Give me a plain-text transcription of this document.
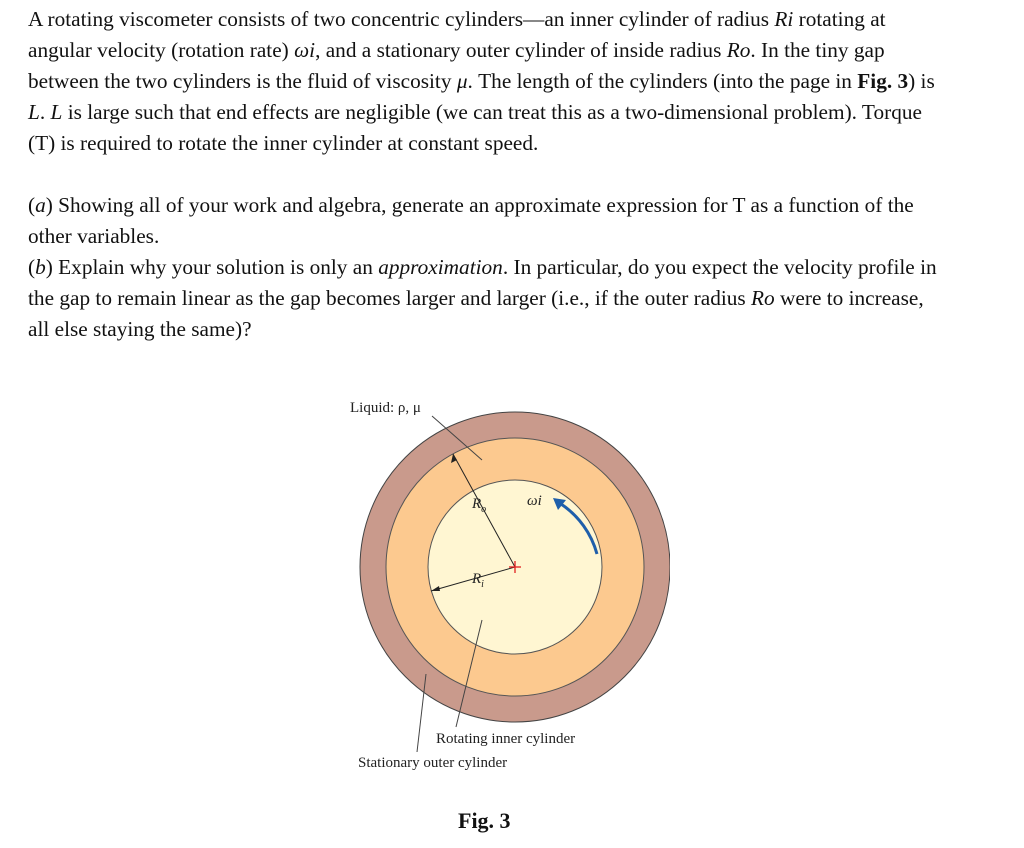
A rotating viscometer consists of two concentric cylinders—an inner cylinder of radius Ri rotating at angular velocity (rotation rate) ωi, and a stationary outer cylinder of inside radius Ro. In the tiny gap between the two cylinders is the fluid of viscosity μ. The length of the cylinders (into the page in Fig. 3) is L. L is large such that end effects are negligible (we can treat this as a two-dimensional problem). Torque (T) is required to rotate the inner cylinder at constant speed.

(a) Showing all of your work and algebra, generate an approximate expression for T as a function of the other variables.

(b) Explain why your solution is only an approximation. In particular, do you expect the velocity profile in the gap to remain linear as the gap becomes larger and larger (i.e., if the outer radius Ro were to increase, all else staying the same)?

Liquid: ρ, μ
$R_o$
$R_i$
ωi
Rotating inner cylinder
Stationary outer cylinder
Fig. 3
